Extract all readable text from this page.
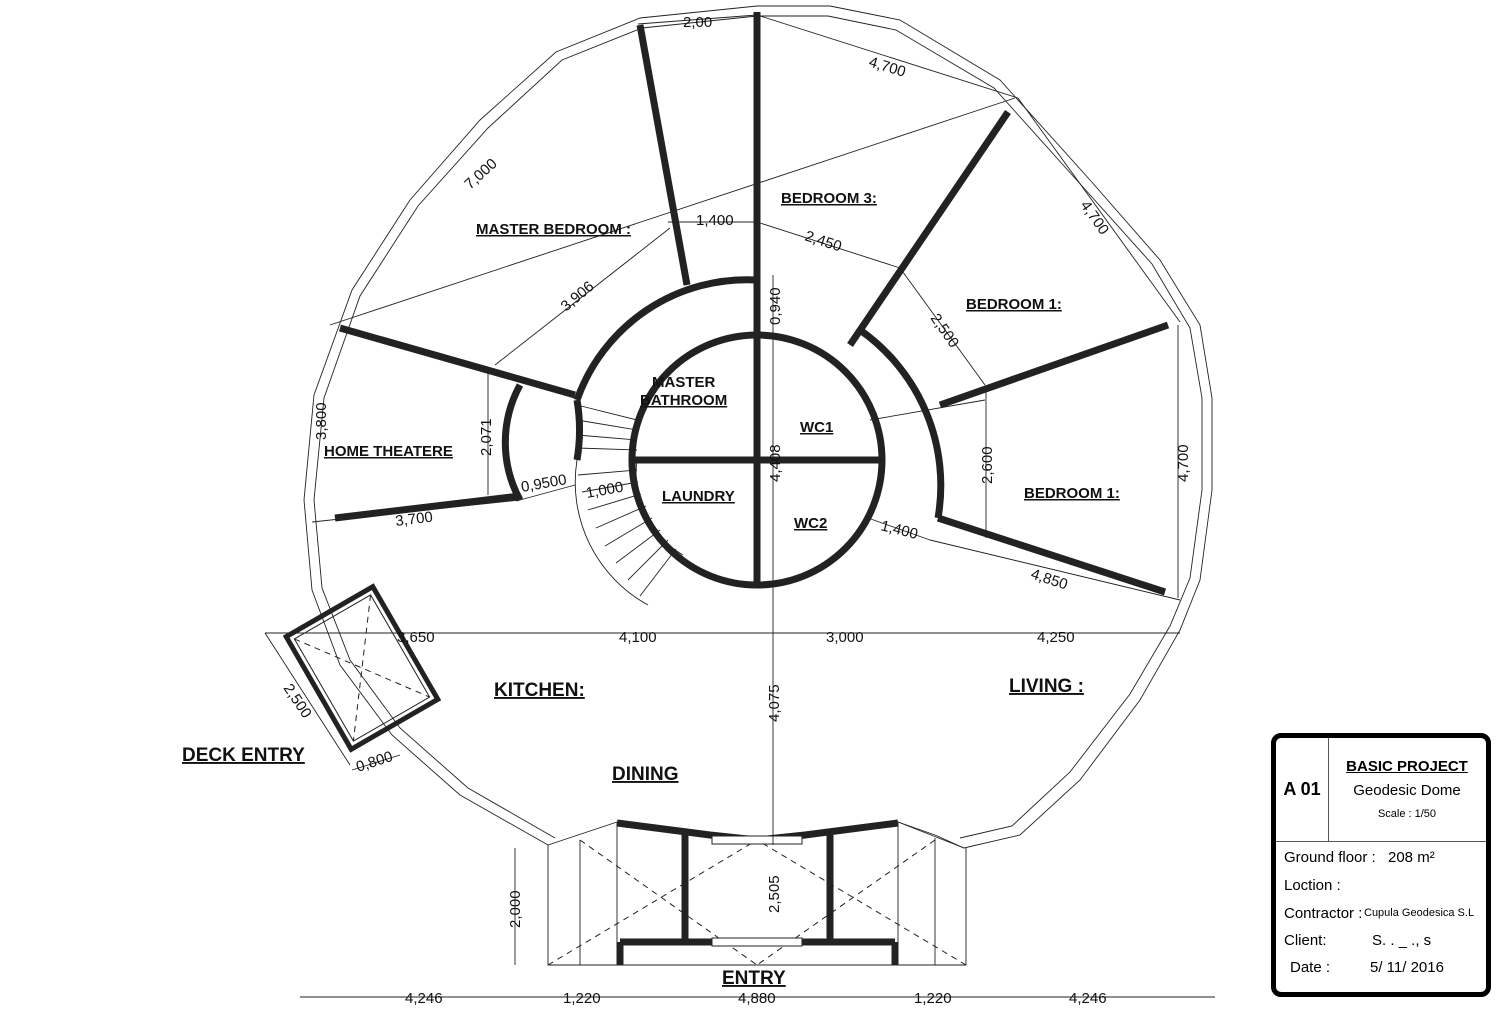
MASTER BEDROOM :
BEDROOM 3:
BEDROOM 1:
BEDROOM 1:
MASTER
BATHROOM
WC1
WC2
LAUNDRY
HOME THEATERE
KITCHEN:	LIVING :
DINING
DECK ENTRY
ENTRY
2,00
4,700
7,000
4,700
1,400
2,450
3,906	0,940
2,500
3,800	2,071
4,408	2,600	4,700
0,9500 1,000
3,700	1,400
4,850
3,650	4,100	3,000	4,250
2,500	4,075
0,800
2,000	2,505
4,246	1,220	4,880	1,220	4,246
A 01
BASIC PROJECT
Geodesic Dome
Scale : 1/50
Ground floor : 208 m²
Loction :
Contractor : Cupula Geodesica S.L
Client:	S. . _ ., s
Date :	5/ 11/ 2016
